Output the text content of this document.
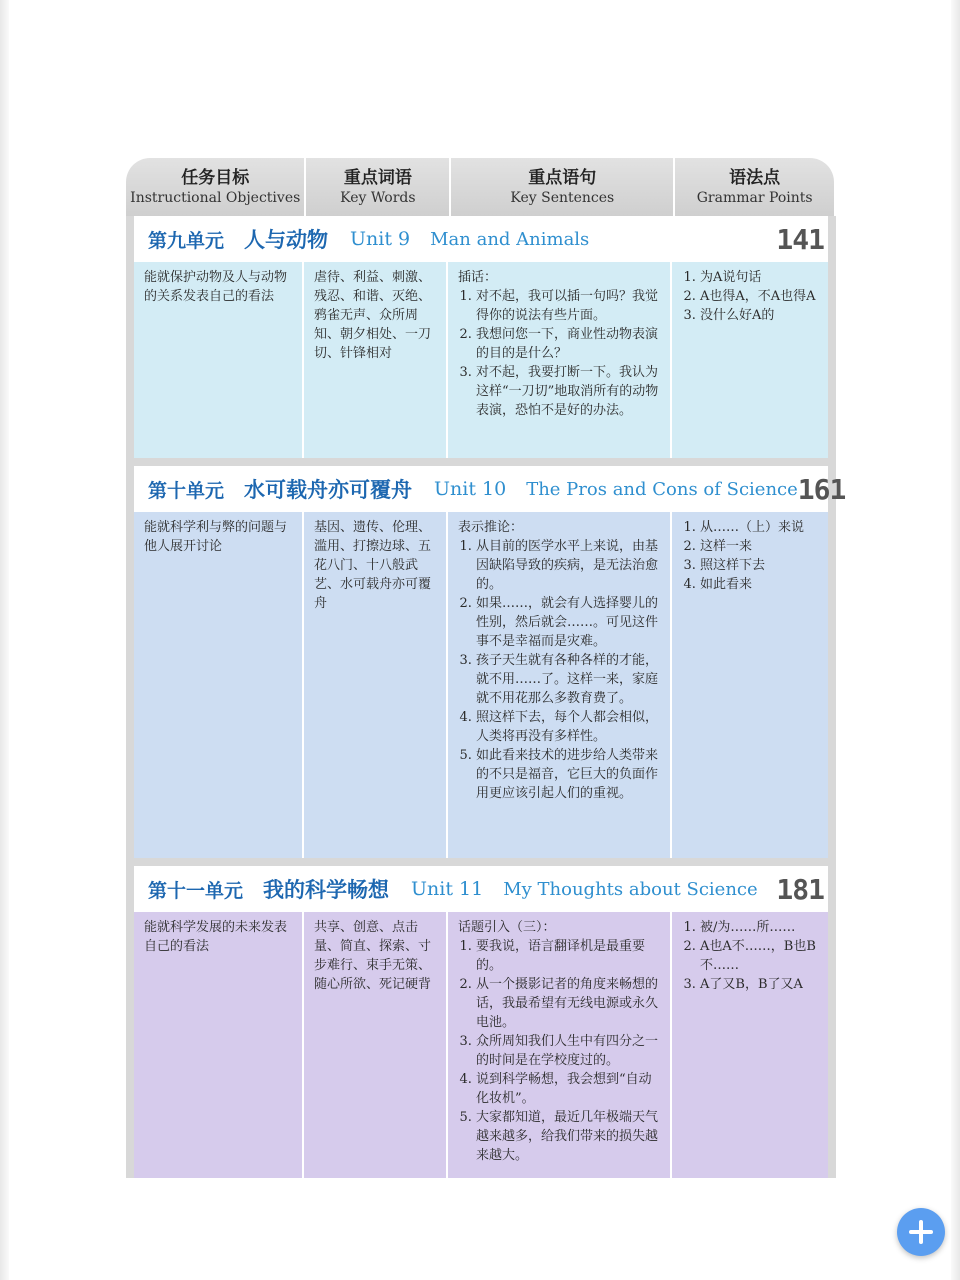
任务目标
Instructional Objectives
重点词语
Key Words
重点语句
Key Sentences
语法点
Grammar Points
第九单元 人与动物 Unit 9 Man and Animals	141
能就保护动物及人与动物的关系发表自己的看法
虐待、利益、刺激、残忍、和谐、灭绝、鸦雀无声、众所周知、朝夕相处、一刀切、针锋相对
插话：
1. 对不起，我可以插一句吗？我觉得你的说法有些片面。
2. 我想问您一下，商业性动物表演的目的是什么？
3. 对不起，我要打断一下。我认为这样“一刀切”地取消所有的动物表演，恐怕不是好的办法。
1. 为A说句话
2. A也得A，不A也得A
3. 没什么好A的
第十单元 水可载舟亦可覆舟 Unit 10 The Pros and Cons of Science 161
能就科学利与弊的问题与他人展开讨论
基因、遗传、伦理、滥用、打擦边球、五花八门、十八般武艺、水可载舟亦可覆舟
表示推论：
1. 从目前的医学水平上来说，由基因缺陷导致的疾病，是无法治愈的。
2. 如果……，就会有人选择婴儿的性别，然后就会……。可见这件事不是幸福而是灾难。
3. 孩子天生就有各种各样的才能，就不用……了。这样一来，家庭就不用花那么多教育费了。
4. 照这样下去，每个人都会相似，人类将再没有多样性。
5. 如此看来技术的进步给人类带来的不只是福音，它巨大的负面作用更应该引起人们的重视。
1. 从……（上）来说
2. 这样一来
3. 照这样下去
4. 如此看来
第十一单元 我的科学畅想 Unit 11 My Thoughts about Science 181
能就科学发展的未来发表自己的看法
共享、创意、点击量、简直、探索、寸步难行、束手无策、随心所欲、死记硬背
话题引入（三）：
1. 要我说，语言翻译机是最重要的。
2. 从一个摄影记者的角度来畅想的话，我最希望有无线电源或永久电池。
3. 众所周知我们人生中有四分之一的时间是在学校度过的。
4. 说到科学畅想，我会想到“自动化妆机”。
5. 大家都知道，最近几年极端天气越来越多，给我们带来的损失越来越大。
1. 被/为……所……
2. A也A不……，B也B不……
3. A了又B，B了又A
